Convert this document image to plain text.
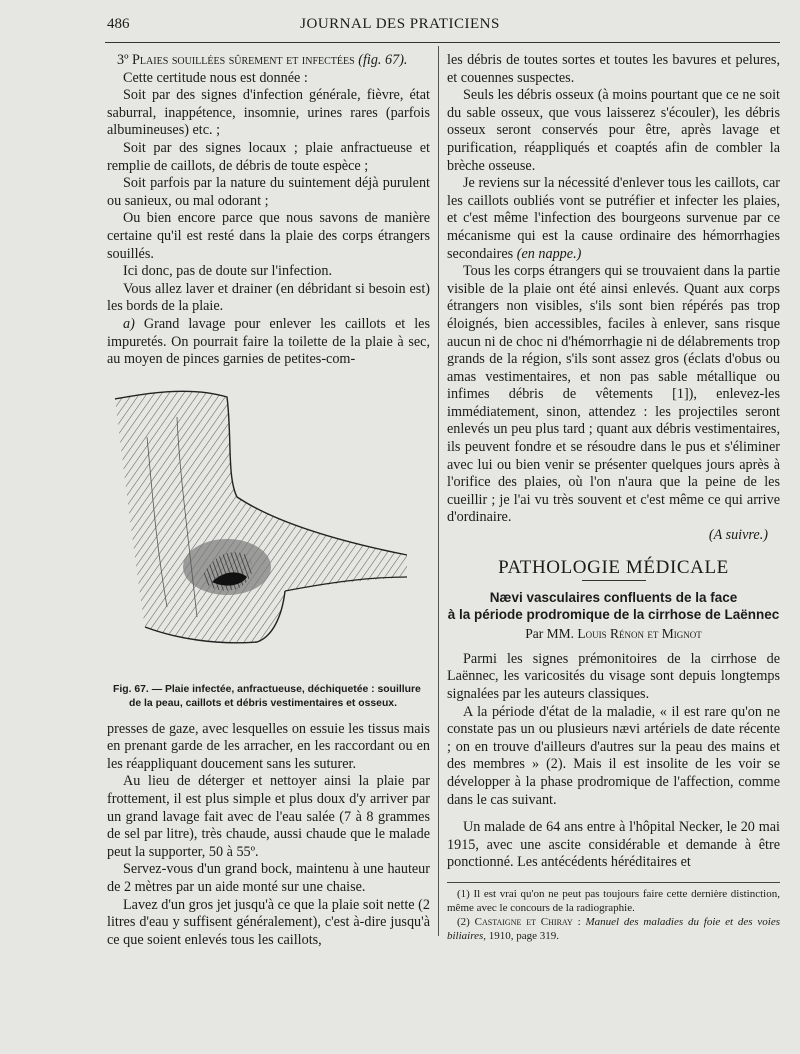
486	JOURNAL DES PRATICIENS

3º Plaies souillées sûrement et infectées (fig. 67).

Cette certitude nous est donnée :

Soit par des signes d'infection générale, fièvre, état saburral, inappétence, insomnie, urines rares (parfois albumineuses) etc. ;

Soit par des signes locaux ; plaie anfractueuse et remplie de caillots, de débris de toute espèce ;

Soit parfois par la nature du suintement déjà purulent ou sanieux, ou mal odorant ;

Ou bien encore parce que nous savons de manière certaine qu'il est resté dans la plaie des corps étrangers souillés.

Ici donc, pas de doute sur l'infection.

Vous allez laver et drainer (en débridant si besoin est) les bords de la plaie.

a) Grand lavage pour enlever les caillots et les impuretés. On pourrait faire la toilette de la plaie à sec, au moyen de pinces garnies de petites-com-

Fig. 67. — Plaie infectée, anfractueuse, déchiquetée : souillure de la peau, caillots et débris vestimentaires et osseux.

presses de gaze, avec lesquelles on essuie les tissus mais en prenant garde de les arracher, en les raccordant ou en les réappliquant doucement sans les suturer.

Au lieu de déterger et nettoyer ainsi la plaie par frottement, il est plus simple et plus doux d'y arriver par un grand lavage fait avec de l'eau salée (7 à 8 grammes de sel par litre), très chaude, aussi chaude que le malade peut la supporter, 50 à 55º.

Servez-vous d'un grand bock, maintenu à une hauteur de 2 mètres par un aide monté sur une chaise.

Lavez d'un gros jet jusqu'à ce que la plaie soit nette (2 litres d'eau y suffisent généralement), c'est à-dire jusqu'à ce que soient enlevés tous les caillots,

les débris de toutes sortes et toutes les bavures et pelures, et couennes suspectes.

Seuls les débris osseux (à moins pourtant que ce ne soit du sable osseux, que vous laisserez s'écouler), les débris osseux seront conservés pour être, après lavage et purification, réappliqués et coaptés afin de combler la brèche osseuse.

Je reviens sur la nécessité d'enlever tous les caillots, car les caillots oubliés vont se putréfier et infecter les plaies, et c'est même l'infection des bourgeons survenue par ce mécanisme qui est la cause ordinaire des hémorrhagies secondaires (en nappe.)

Tous les corps étrangers qui se trouvaient dans la partie visible de la plaie ont été ainsi enlevés. Quant aux corps étrangers non visibles, s'ils sont bien répérés pas trop éloignés, bien accessibles, faciles à enlever, sans risque aucun ni de choc ni d'hémorrhagie ni de délabrements trop grands de la région, s'ils sont assez gros (éclats d'obus ou amas vestimentaires, et non pas sable métallique ou infimes débris de vêtements [1]), enlevez-les immédiatement, sinon, attendez : les projectiles seront enlevés un peu plus tard ; quant aux débris vestimentaires, ils peuvent fondre et se résoudre dans le pus et s'éliminer avec lui ou bien venir se présenter quelques jours après à l'orifice des plaies, où l'on n'aura que la peine de les cueillir ; je l'ai vu très souvent et c'est même ce qui arrive d'ordinaire.

(A suivre.)

PATHOLOGIE MÉDICALE
Nævi vasculaires confluents de la face
à la période prodromique de la cirrhose de Laënnec
Par MM. Louis Rénon et Mignot

Parmi les signes prémonitoires de la cirrhose de Laënnec, les varicosités du visage sont depuis longtemps signalées par les auteurs classiques.

A la période d'état de la maladie, « il est rare qu'on ne constate pas un ou plusieurs nævi artériels de date récente ; on en trouve d'ailleurs d'autres sur la peau des mains et des membres » (2). Mais il est insolite de les voir se développer à la phase prodromique de l'affection, comme dans le cas suivant.

Un malade de 64 ans entre à l'hôpital Necker, le 20 mai 1915, avec une ascite considérable et demande à être ponctionné. Les antécédents héréditaires et

(1) Il est vrai qu'on ne peut pas toujours faire cette dernière distinction, même avec le concours de la radiographie.

(2) Castaigne et Chiray : Manuel des maladies du foie et des voies biliaires, 1910, page 319.
